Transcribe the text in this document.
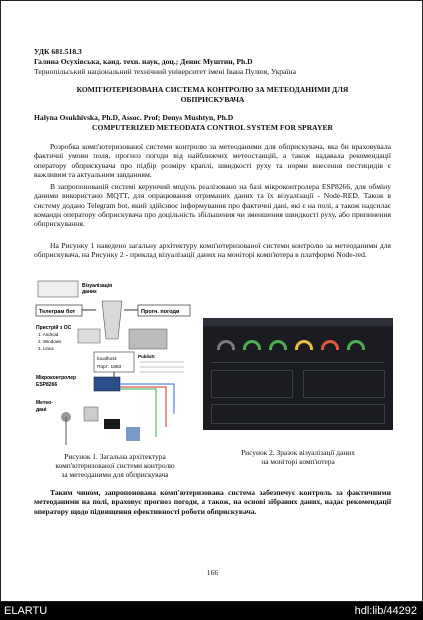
УДК 681.518.3
Галина Осухівська, канд. техн. наук, доц.; Денис Муштин, Ph.D
Тернопільський національний технічний університет імені Івана Пулюя, Україна
КОМП'ЮТЕРИЗОВАНА СИСТЕМА КОНТРОЛЮ ЗА МЕТЕОДАНИМИ ДЛЯ
ОБПРИСКУВАЧА
Halyna Osukhivska, Ph.D, Assoc. Prof; Denys Mushtyn, Ph.D
COMPUTERIZED METEODATA CONTROL SYSTEM FOR SPRAYER
Розробка комп'ютеризованої системи контролю за метеоданими для обприскувача, яка би враховувала фактичні умови поля, прогноз погоди від найближчих метеостанцій, а також надавала рекомендації оператору обприскувача про підбір розміру краплі, швидкості руху та норми внесення пестицидів є важливим та актуальним завданням.
В запропонованій системі керуючий модуль реалізовано на базі мікроконтролера ESP8266, для обміну даними використано MQTT, для опрацювання отриманих даних та їх візуалізації - Node-RED. Також в систему додано Telegram bot, який здійснює інформування про фактичні дані, які є на полі, а також надсилає команди оператору обприскувача про доцільність збільшення чи зменшення швидкості руху, або припинення обприскування.
На Рисунку 1 наведено загальну архітектуру комп'ютеризованої системи контролю за метеоданими для обприскувача, на Рисунку 2 - приклад візуалізації даних на моніторі комп'ютера в платформі Node-red.
Візуалізація
даних
Телеграм бот	Прогн. погоди
Пристрій з ОС
1. Android
2. Windows
3. Linux
localhost:
Порт: 1883
Publish:
Мікроконтролер
ESP8266
Метео-
дані
Рисунок 1. Загальна архітектура
комп'ютеризованої системи контролю
за метеоданими для обприскувача
Рисунок 2. Зразок візуалізації даних
на моніторі комп'ютера
Таким чином, запропонована комп'ютеризована система забезпечує контроль за фактичними метеоданими на полі, враховує прогноз погоди, а також, на основі зібраних даних, надає рекомендації оператору щодо підвищення ефективності роботи обприскувача.
166
ELARTU	hdl:lib/44292
